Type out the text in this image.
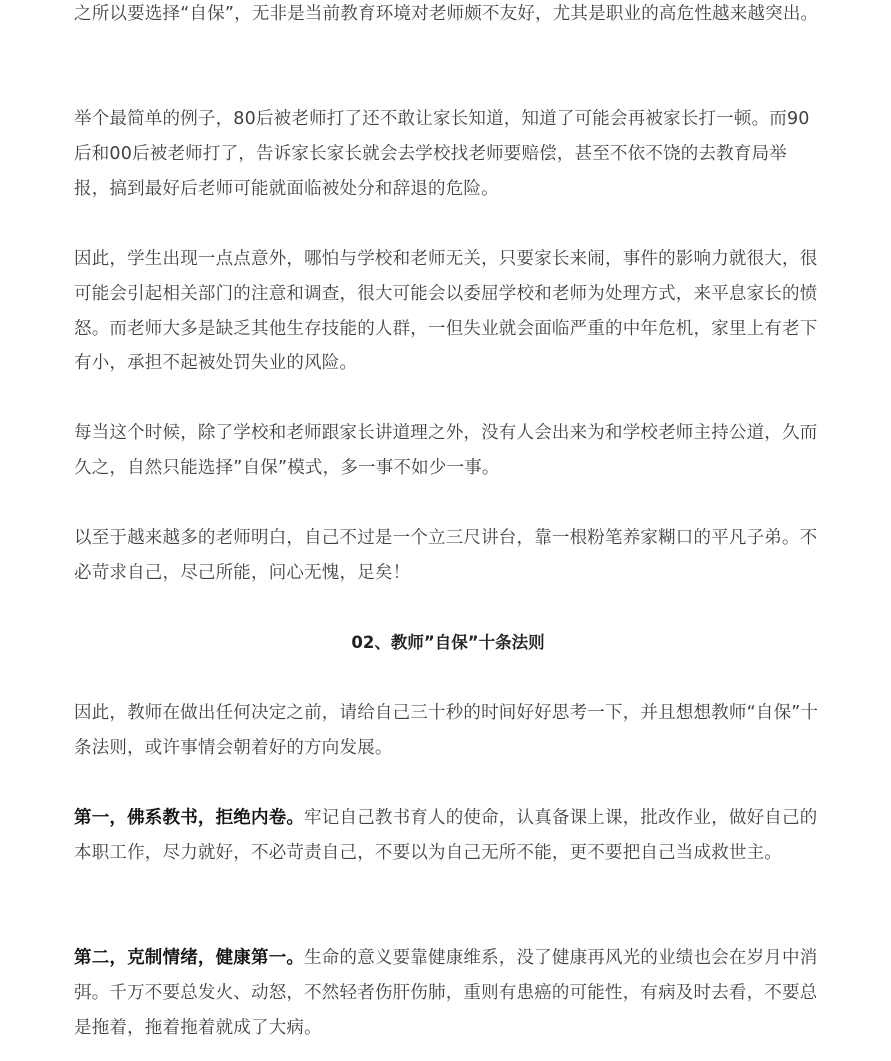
之所以要选择“自保”，无非是当前教育环境对老师颇不友好，尤其是职业的高危性越来越突出。

举个最简单的例子，80后被老师打了还不敢让家长知道，知道了可能会再被家长打一顿。而90后和00后被老师打了，告诉家长家长就会去学校找老师要赔偿，甚至不依不饶的去教育局举报，搞到最好后老师可能就面临被处分和辞退的危险。

因此，学生出现一点点意外，哪怕与学校和老师无关，只要家长来闹，事件的影响力就很大，很可能会引起相关部门的注意和调查，很大可能会以委屈学校和老师为处理方式，来平息家长的愤怒。而老师大多是缺乏其他生存技能的人群，一但失业就会面临严重的中年危机，家里上有老下有小，承担不起被处罚失业的风险。

每当这个时候，除了学校和老师跟家长讲道理之外，没有人会出来为和学校老师主持公道，久而久之，自然只能选择”自保”模式，多一事不如少一事。

以至于越来越多的老师明白，自己不过是一个立三尺讲台，靠一根粉笔养家糊口的平凡子弟。不必苛求自己，尽己所能，问心无愧，足矣！

02、教师”自保”十条法则

因此，教师在做出任何决定之前，请给自己三十秒的时间好好思考一下，并且想想教师“自保”十条法则，或许事情会朝着好的方向发展。

第一，佛系教书，拒绝内卷。牢记自己教书育人的使命，认真备课上课，批改作业，做好自己的本职工作，尽力就好，不必苛责自己，不要以为自己无所不能，更不要把自己当成救世主。

第二，克制情绪，健康第一。生命的意义要靠健康维系，没了健康再风光的业绩也会在岁月中消弭。千万不要总发火、动怒，不然轻者伤肝伤肺，重则有患癌的可能性，有病及时去看，不要总是拖着，拖着拖着就成了大病。
